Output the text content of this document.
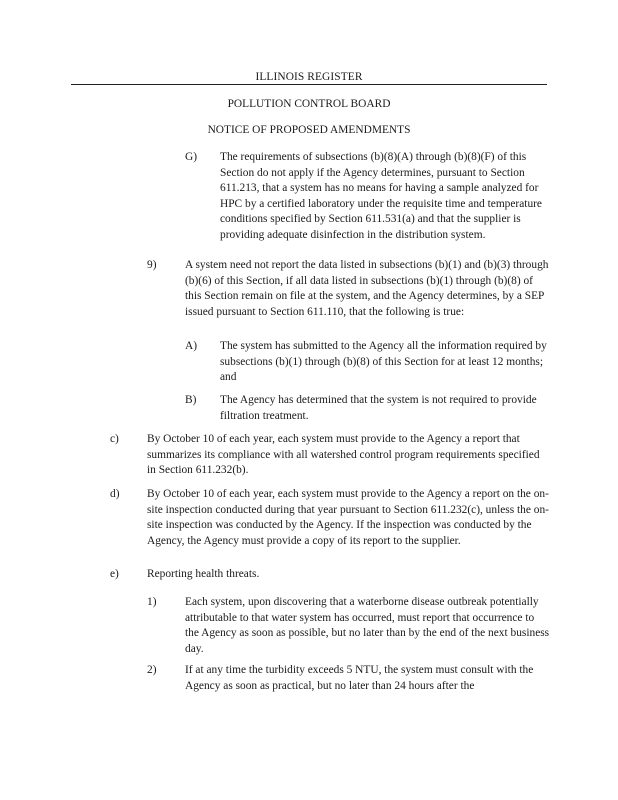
ILLINOIS REGISTER
POLLUTION CONTROL BOARD
NOTICE OF PROPOSED AMENDMENTS
G) The requirements of subsections (b)(8)(A) through (b)(8)(F) of this Section do not apply if the Agency determines, pursuant to Section 611.213, that a system has no means for having a sample analyzed for HPC by a certified laboratory under the requisite time and temperature conditions specified by Section 611.531(a) and that the supplier is providing adequate disinfection in the distribution system.
9)	A system need not report the data listed in subsections (b)(1) and (b)(3) through (b)(6) of this Section, if all data listed in subsections (b)(1) through (b)(8) of this Section remain on file at the system, and the Agency determines, by a SEP issued pursuant to Section 611.110, that the following is true:
A) The system has submitted to the Agency all the information required by subsections (b)(1) through (b)(8) of this Section for at least 12 months; and
B) The Agency has determined that the system is not required to provide filtration treatment.
c) By October 10 of each year, each system must provide to the Agency a report that summarizes its compliance with all watershed control program requirements specified in Section 611.232(b).
d) By October 10 of each year, each system must provide to the Agency a report on the on-site inspection conducted during that year pursuant to Section 611.232(c), unless the on-site inspection was conducted by the Agency. If the inspection was conducted by the Agency, the Agency must provide a copy of its report to the supplier.
e) Reporting health threats.
1)	Each system, upon discovering that a waterborne disease outbreak potentially attributable to that water system has occurred, must report that occurrence to the Agency as soon as possible, but no later than by the end of the next business day.
2)	If at any time the turbidity exceeds 5 NTU, the system must consult with the Agency as soon as practical, but no later than 24 hours after the
